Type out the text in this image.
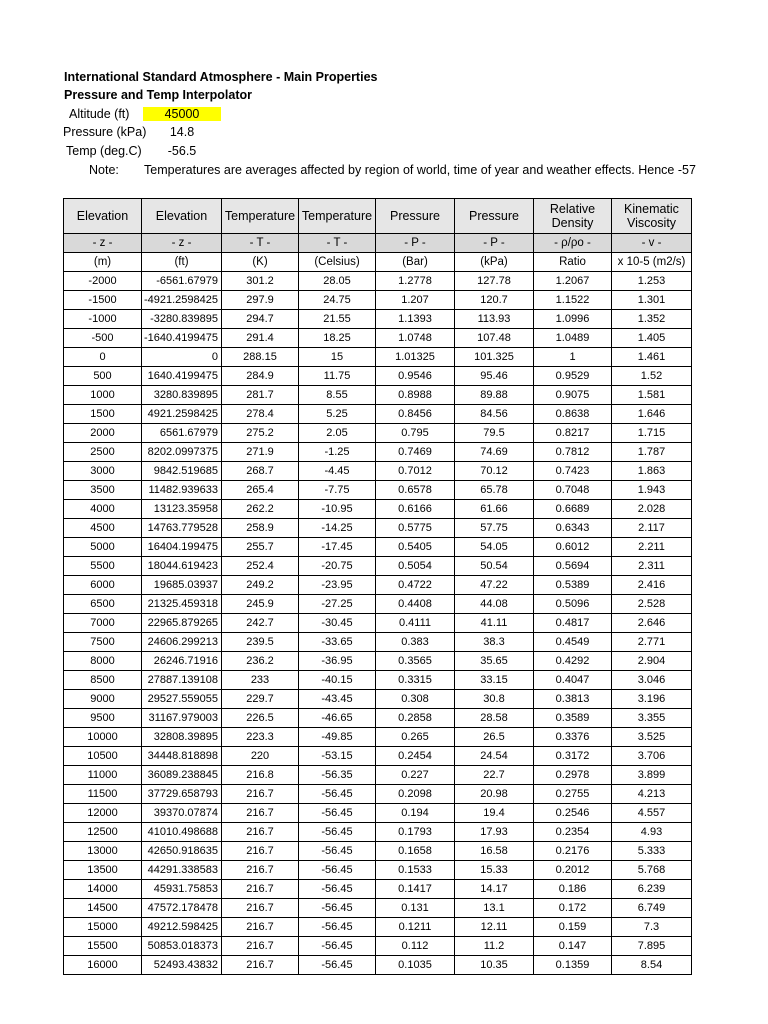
International Standard Atmosphere - Main Properties
Pressure and Temp Interpolator
Altitude (ft)	45000
Pressure (kPa)	14.8
Temp (deg.C)	-56.5
Note: Temperatures are averages affected by region of world, time of year and weather effects. Hence -57
Elevation	Elevation	Temperature	Temperature	Pressure	Pressure	Relative Density	Kinematic Viscosity
- z -	- z -	- T -	- T -	- P -	- P -	- ρ/ρo -	- v -
(m)	(ft)	(K)	(Celsius)	(Bar)	(kPa)	Ratio	x 10-5 (m2/s)
-2000	-6561.67979	301.2	28.05	1.2778	127.78	1.2067	1.253
-1500	-4921.2598425	297.9	24.75	1.207	120.7	1.1522	1.301
-1000	-3280.839895	294.7	21.55	1.1393	113.93	1.0996	1.352
-500	-1640.4199475	291.4	18.25	1.0748	107.48	1.0489	1.405
0	0	288.15	15	1.01325	101.325	1	1.461
500	1640.4199475	284.9	11.75	0.9546	95.46	0.9529	1.52
1000	3280.839895	281.7	8.55	0.8988	89.88	0.9075	1.581
1500	4921.2598425	278.4	5.25	0.8456	84.56	0.8638	1.646
2000	6561.67979	275.2	2.05	0.795	79.5	0.8217	1.715
2500	8202.0997375	271.9	-1.25	0.7469	74.69	0.7812	1.787
3000	9842.519685	268.7	-4.45	0.7012	70.12	0.7423	1.863
3500	11482.939633	265.4	-7.75	0.6578	65.78	0.7048	1.943
4000	13123.35958	262.2	-10.95	0.6166	61.66	0.6689	2.028
4500	14763.779528	258.9	-14.25	0.5775	57.75	0.6343	2.117
5000	16404.199475	255.7	-17.45	0.5405	54.05	0.6012	2.211
5500	18044.619423	252.4	-20.75	0.5054	50.54	0.5694	2.311
6000	19685.03937	249.2	-23.95	0.4722	47.22	0.5389	2.416
6500	21325.459318	245.9	-27.25	0.4408	44.08	0.5096	2.528
7000	22965.879265	242.7	-30.45	0.4111	41.11	0.4817	2.646
7500	24606.299213	239.5	-33.65	0.383	38.3	0.4549	2.771
8000	26246.71916	236.2	-36.95	0.3565	35.65	0.4292	2.904
8500	27887.139108	233	-40.15	0.3315	33.15	0.4047	3.046
9000	29527.559055	229.7	-43.45	0.308	30.8	0.3813	3.196
9500	31167.979003	226.5	-46.65	0.2858	28.58	0.3589	3.355
10000	32808.39895	223.3	-49.85	0.265	26.5	0.3376	3.525
10500	34448.818898	220	-53.15	0.2454	24.54	0.3172	3.706
11000	36089.238845	216.8	-56.35	0.227	22.7	0.2978	3.899
11500	37729.658793	216.7	-56.45	0.2098	20.98	0.2755	4.213
12000	39370.07874	216.7	-56.45	0.194	19.4	0.2546	4.557
12500	41010.498688	216.7	-56.45	0.1793	17.93	0.2354	4.93
13000	42650.918635	216.7	-56.45	0.1658	16.58	0.2176	5.333
13500	44291.338583	216.7	-56.45	0.1533	15.33	0.2012	5.768
14000	45931.75853	216.7	-56.45	0.1417	14.17	0.186	6.239
14500	47572.178478	216.7	-56.45	0.131	13.1	0.172	6.749
15000	49212.598425	216.7	-56.45	0.1211	12.11	0.159	7.3
15500	50853.018373	216.7	-56.45	0.112	11.2	0.147	7.895
16000	52493.43832	216.7	-56.45	0.1035	10.35	0.1359	8.54
